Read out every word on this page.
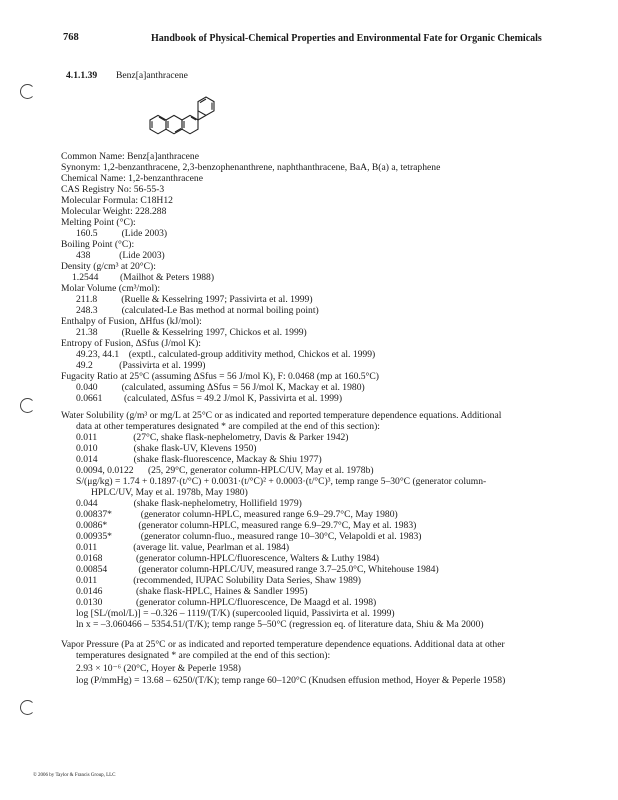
768	Handbook of Physical-Chemical Properties and Environmental Fate for Organic Chemicals
4.1.1.39 Benz[a]anthracene
Common Name: Benz[a]anthracene
Synonym: 1,2-benzanthracene, 2,3-benzophenanthrene, naphthanthracene, BaA, B(a) a, tetraphene
Chemical Name: 1,2-benzanthracene
CAS Registry No: 56-55-3
Molecular Formula: C18H12
Molecular Weight: 228.288
Melting Point (°C):
160.5          (Lide 2003)
Boiling Point (°C):
438            (Lide 2003)
Density (g/cm³ at 20°C):
1.2544         (Mailhot & Peters 1988)
Molar Volume (cm³/mol):
211.8          (Ruelle & Kesselring 1997; Passivirta et al. 1999)
248.3          (calculated-Le Bas method at normal boiling point)
Enthalpy of Fusion, ΔHfus (kJ/mol):
21.38          (Ruelle & Kesselring 1997, Chickos et al. 1999)
Entropy of Fusion, ΔSfus (J/mol K):
49.23, 44.1    (exptl., calculated-group additivity method, Chickos et al. 1999)
49.2           (Passivirta et al. 1999)
Fugacity Ratio at 25°C (assuming ΔSfus = 56 J/mol K), F: 0.0468 (mp at 160.5°C)
0.040          (calculated, assuming ΔSfus = 56 J/mol K, Mackay et al. 1980)
0.0661         (calculated, ΔSfus = 49.2 J/mol K, Passivirta et al. 1999)
Water Solubility (g/m³ or mg/L at 25°C or as indicated and reported temperature dependence equations. Additional
data at other temperatures designated * are compiled at the end of this section):
0.011               (27°C, shake flask-nephelometry, Davis & Parker 1942)
0.010               (shake flask-UV, Klevens 1950)
0.014               (shake flask-fluorescence, Mackay & Shiu 1977)
0.0094, 0.0122      (25, 29°C, generator column-HPLC/UV, May et al. 1978b)
S/(μg/kg) = 1.74 + 0.1897·(t/°C) + 0.0031·(t/°C)² + 0.0003·(t/°C)³, temp range 5–30°C (generator column-
HPLC/UV, May et al. 1978b, May 1980)
0.044               (shake flask-nephelometry, Hollifield 1979)
0.00837*            (generator column-HPLC, measured range 6.9–29.7°C, May 1980)
0.0086*             (generator column-HPLC, measured range 6.9–29.7°C, May et al. 1983)
0.00935*            (generator column-fluo., measured range 10–30°C, Velapoldi et al. 1983)
0.011               (average lit. value, Pearlman et al. 1984)
0.0168              (generator column-HPLC/fluorescence, Walters & Luthy 1984)
0.00854             (generator column-HPLC/UV, measured range 3.7–25.0°C, Whitehouse 1984)
0.011               (recommended, IUPAC Solubility Data Series, Shaw 1989)
0.0146              (shake flask-HPLC, Haines & Sandler 1995)
0.0130              (generator column-HPLC/fluorescence, De Maagd et al. 1998)
log [SL/(mol/L)] = –0.326 – 1119/(T/K) (supercooled liquid, Passivirta et al. 1999)
ln x = –3.060466 – 5354.51/(T/K); temp range 5–50°C (regression eq. of literature data, Shiu & Ma 2000)
Vapor Pressure (Pa at 25°C or as indicated and reported temperature dependence equations. Additional data at other
temperatures designated * are compiled at the end of this section):
2.93 × 10⁻⁶ (20°C, Hoyer & Peperle 1958)
log (P/mmHg) = 13.68 – 6250/(T/K); temp range 60–120°C (Knudsen effusion method, Hoyer & Peperle 1958)
© 2006 by Taylor & Francis Group, LLC
